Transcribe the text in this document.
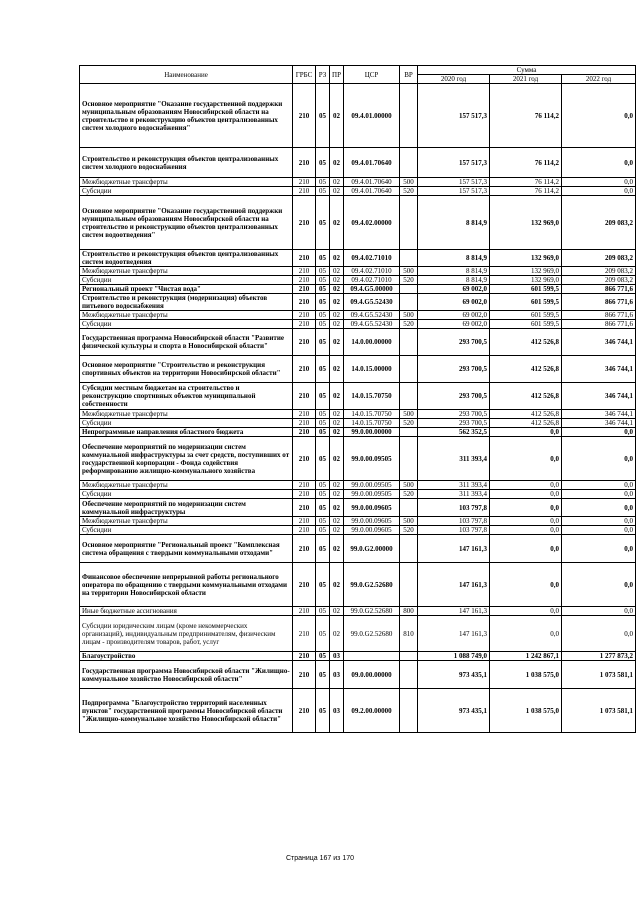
Наименование	ГРБС	РЗ	ПР	ЦСР	ВР	Сумма		
						2020 год	2021 год	2022 год
Основное мероприятие "Оказание государственной поддержки муниципальным образованиям Новосибирской области на строительство и реконструкцию объектов централизованных систем холодного водоснабжения"	210	05	02	09.4.01.00000		157 517,3	76 114,2	0,0
Строительство и реконструкция объектов централизованных систем холодного водоснабжения	210	05	02	09.4.01.70640		157 517,3	76 114,2	0,0
Межбюджетные трансферты	210	05	02	09.4.01.70640	500	157 517,3	76 114,2	0,0
Субсидии	210	05	02	09.4.01.70640	520	157 517,3	76 114,2	0,0
Основное мероприятие "Оказание государственной поддержки муниципальным образованиям Новосибирской области на строительство и реконструкцию объектов централизованных систем водоотведения"	210	05	02	09.4.02.00000		8 814,9	132 969,0	209 083,2
Строительство и реконструкция объектов централизованных систем водоотведения	210	05	02	09.4.02.71010		8 814,9	132 969,0	209 083,2
Межбюджетные трансферты	210	05	02	09.4.02.71010	500	8 814,9	132 969,0	209 083,2
Субсидии	210	05	02	09.4.02.71010	520	8 814,9	132 969,0	209 083,2
Региональный проект "Чистая вода"	210	05	02	09.4.G5.00000		69 002,0	601 599,5	866 771,6
Строительство и реконструкция (модернизация) объектов питьевого водоснабжения	210	05	02	09.4.G5.52430		69 002,0	601 599,5	866 771,6
Межбюджетные трансферты	210	05	02	09.4.G5.52430	500	69 002,0	601 599,5	866 771,6
Субсидии	210	05	02	09.4.G5.52430	520	69 002,0	601 599,5	866 771,6
Государственная программа Новосибирской области "Развитие физической культуры и спорта в Новосибирской области"	210	05	02	14.0.00.00000		293 700,5	412 526,8	346 744,1
Основное мероприятие "Строительство и реконструкция спортивных объектов на территории Новосибирской области"	210	05	02	14.0.15.00000		293 700,5	412 526,8	346 744,1
Субсидии местным бюджетам на строительство и реконструкцию спортивных объектов муниципальной собственности	210	05	02	14.0.15.70750		293 700,5	412 526,8	346 744,1
Межбюджетные трансферты	210	05	02	14.0.15.70750	500	293 700,5	412 526,8	346 744,1
Субсидии	210	05	02	14.0.15.70750	520	293 700,5	412 526,8	346 744,1
Непрограммные направления областного бюджета	210	05	02	99.0.00.00000		562 352,5	0,0	0,0
Обеспечение мероприятий по модернизации систем коммунальной инфраструктуры за счет средств, поступивших от государственной корпорации - Фонда содействия реформированию жилищно-коммунального хозяйства	210	05	02	99.0.00.09505		311 393,4	0,0	0,0
Межбюджетные трансферты	210	05	02	99.0.00.09505	500	311 393,4	0,0	0,0
Субсидии	210	05	02	99.0.00.09505	520	311 393,4	0,0	0,0
Обеспечение мероприятий по модернизации систем коммунальной инфраструктуры	210	05	02	99.0.00.09605		103 797,8	0,0	0,0
Межбюджетные трансферты	210	05	02	99.0.00.09605	500	103 797,8	0,0	0,0
Субсидии	210	05	02	99.0.00.09605	520	103 797,8	0,0	0,0
Основное мероприятие "Региональный проект "Комплексная система обращения с твердыми коммунальными отходами"	210	05	02	99.0.G2.00000		147 161,3	0,0	0,0
Финансовое обеспечение непрерывной работы регионального оператора по обращению с твердыми коммунальными отходами на территории Новосибирской области	210	05	02	99.0.G2.52680		147 161,3	0,0	0,0
Иные бюджетные ассигнования	210	05	02	99.0.G2.52680	800	147 161,3	0,0	0,0
Субсидии юридическим лицам (кроме некоммерческих организаций), индивидуальным предпринимателям, физическим лицам - производителям товаров, работ, услуг	210	05	02	99.0.G2.52680	810	147 161,3	0,0	0,0
Благоустройство	210	05	03			1 088 749,0	1 242 867,1	1 277 873,2
Государственная программа Новосибирской области "Жилищно-коммунальное хозяйство Новосибирской области"	210	05	03	09.0.00.00000		973 435,1	1 038 575,0	1 073 581,1
Подпрограмма "Благоустройство территорий населенных пунктов" государственной программы Новосибирской области "Жилищно-коммунальное хозяйство Новосибирской области"	210	05	03	09.2.00.00000		973 435,1	1 038 575,0	1 073 581,1
Страница 167 из 170
